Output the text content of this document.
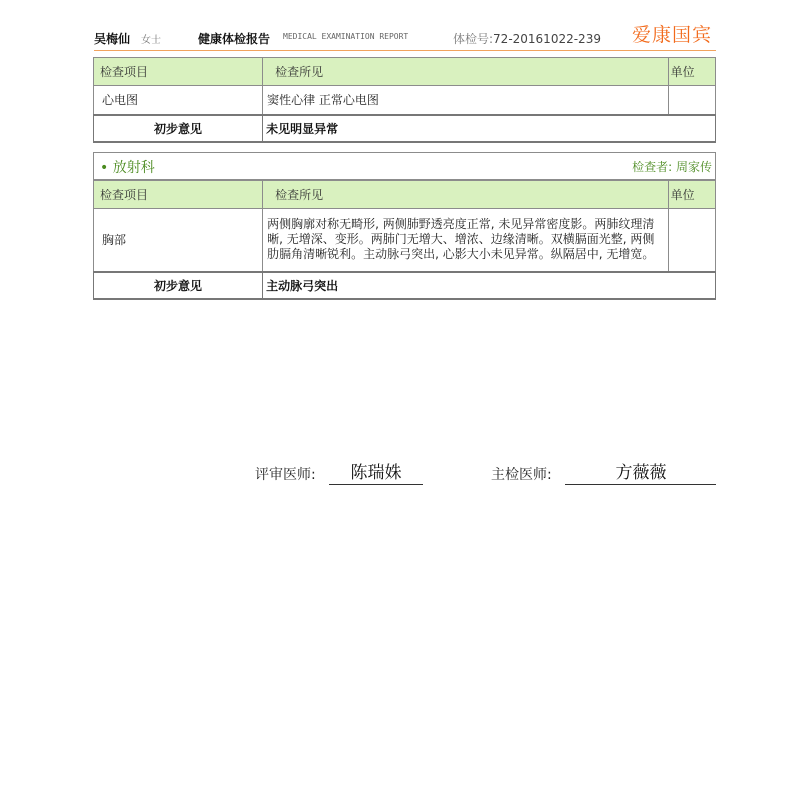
吴梅仙 女士	健康体检报告 MEDICAL EXAMINATION REPORT	体检号:72-20161022-239 爱康国宾
检查项目	检查所见	单位
心电图	窦性心律 正常心电图	
初步意见	未见明显异常	
• 放射科	检查者: 周家传
检查项目	检查所见	单位
胸部	两侧胸廓对称无畸形, 两侧肺野透亮度正常, 未见异常密度影。两肺纹理清晰, 无增深、变形。两肺门无增大、增浓、边缘清晰。双横膈面光整, 两侧肋膈角清晰锐利。主动脉弓突出, 心影大小未见异常。纵隔居中, 无增宽。	
初步意见	主动脉弓突出	
评审医师:	陈瑞姝	主检医师:	方薇薇
